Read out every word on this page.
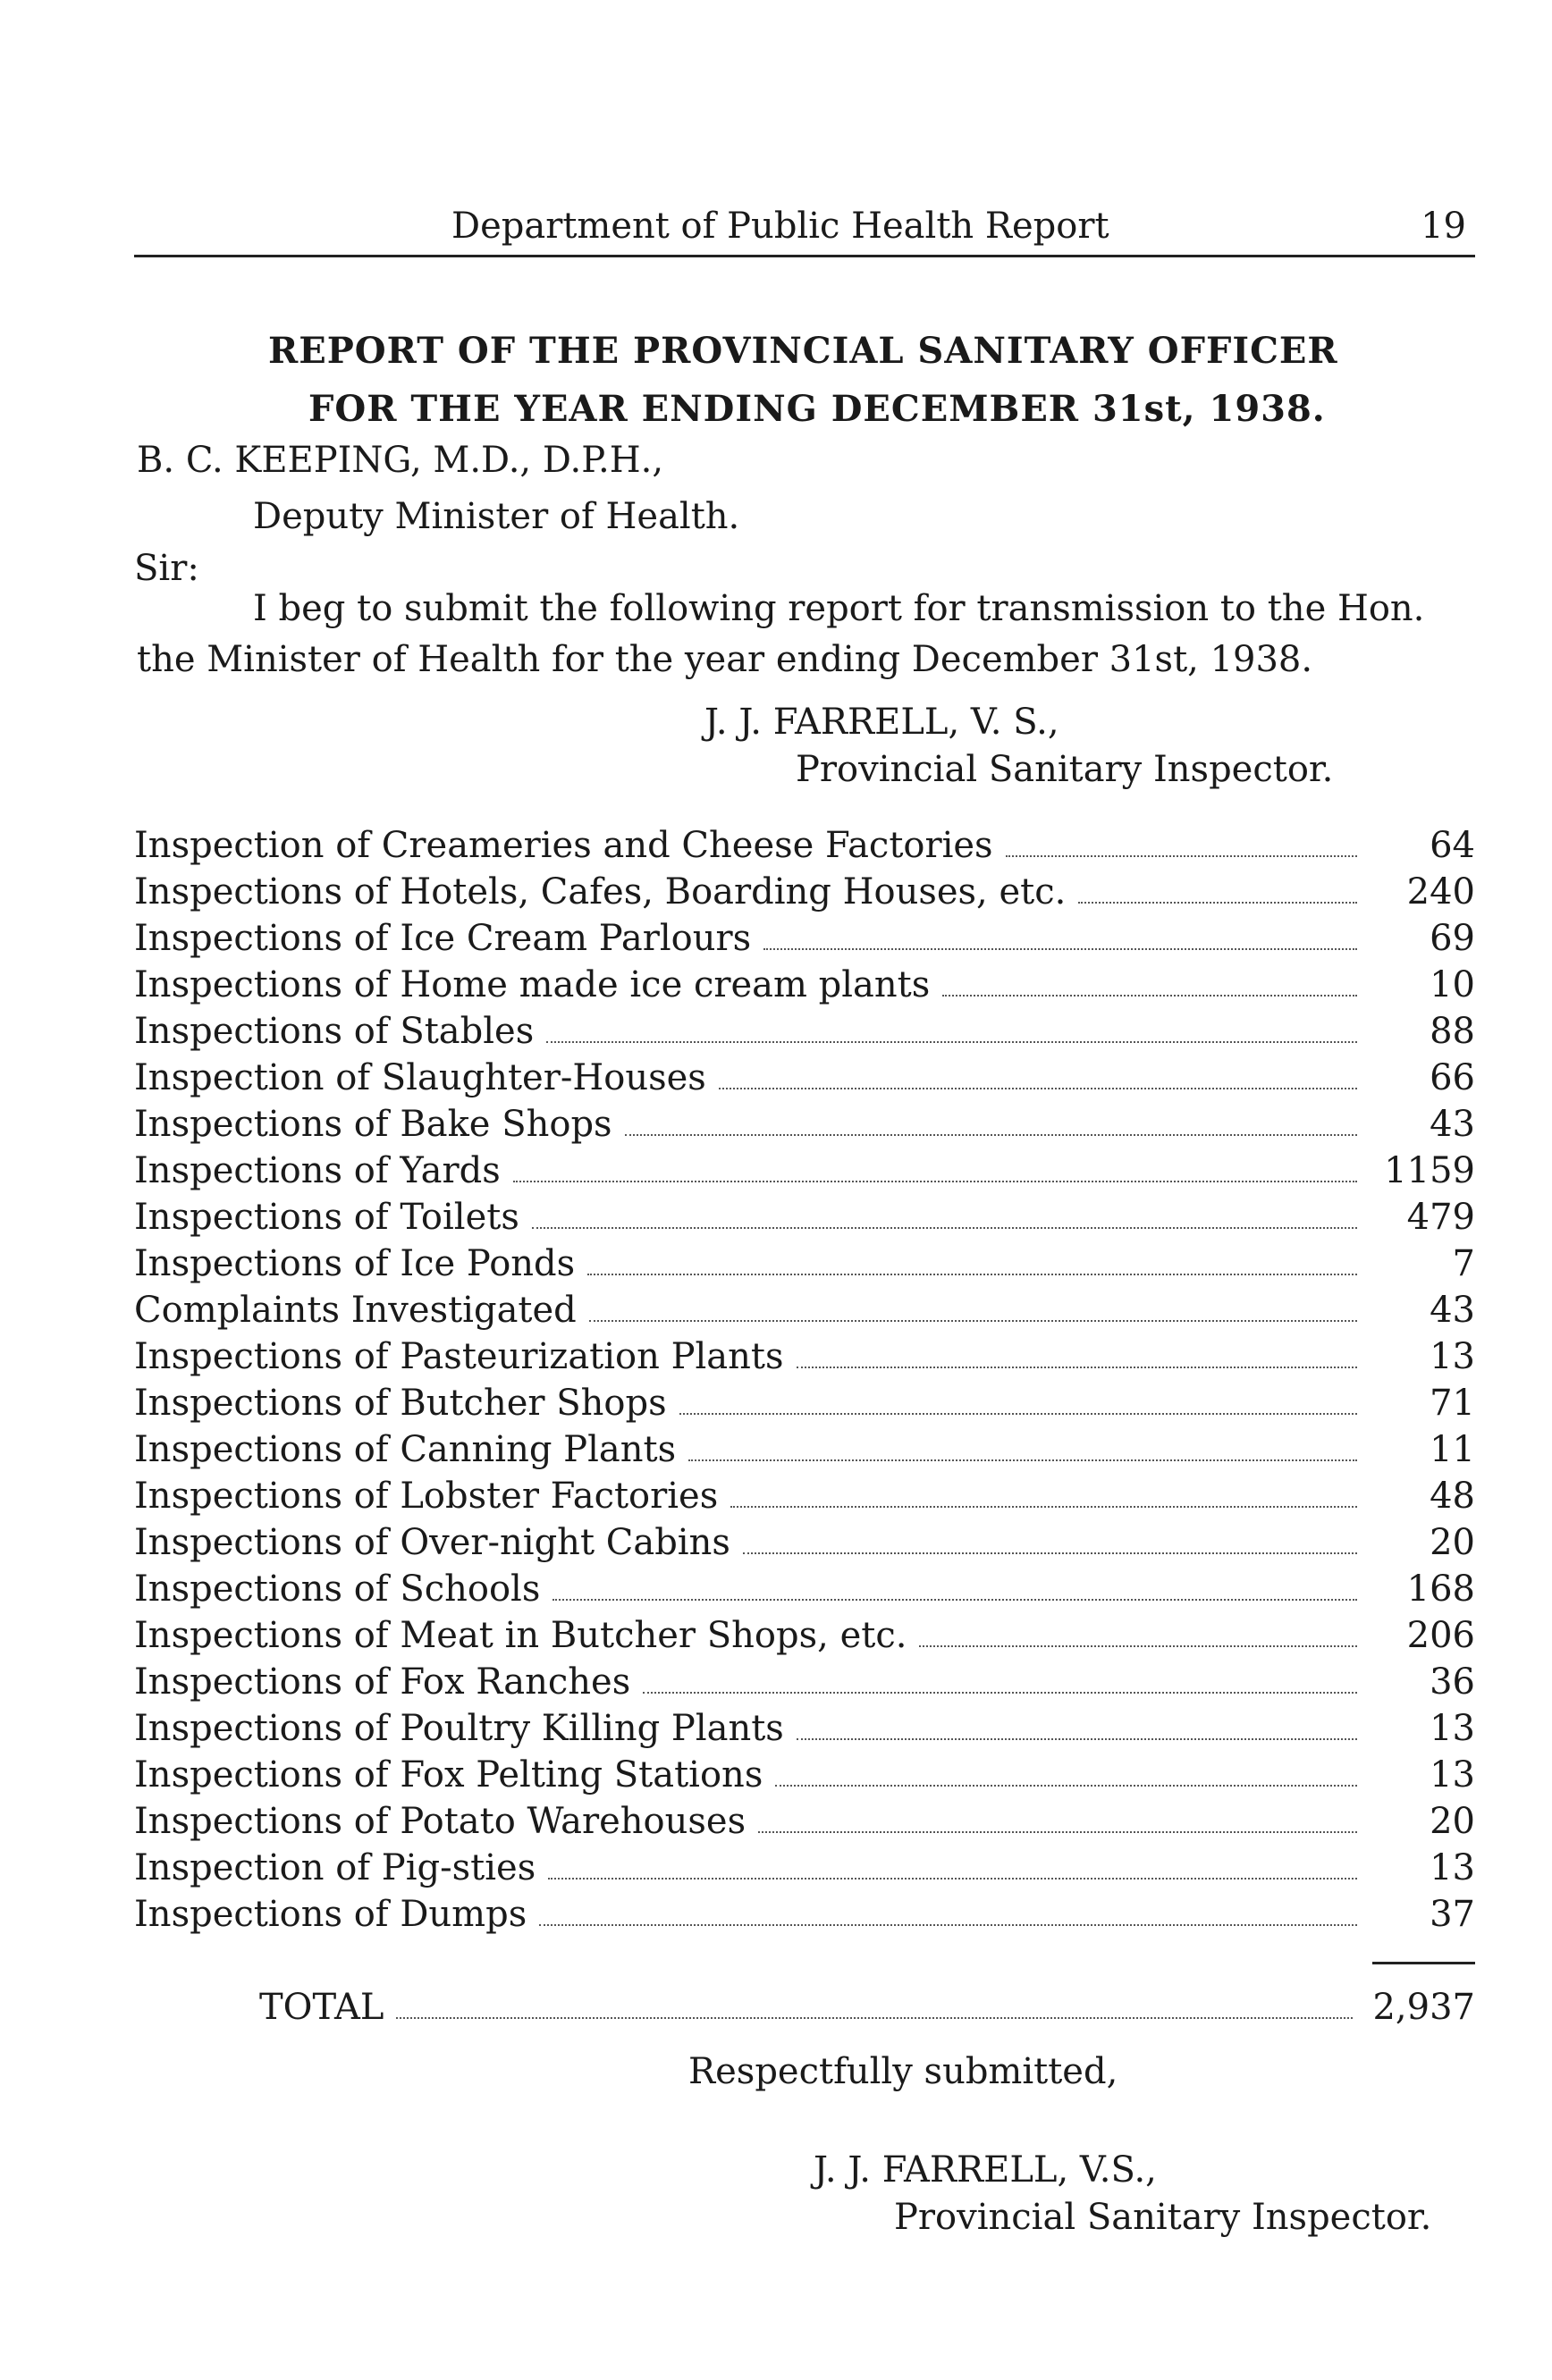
Department of Public Health Report	19
REPORT OF THE PROVINCIAL SANITARY OFFICER
FOR THE YEAR ENDING DECEMBER 31st, 1938.
B. C. KEEPING, M.D., D.P.H.,
Deputy Minister of Health.
Sir:
I beg to submit the following report for transmission to the Hon.
the Minister of Health for the year ending December 31st, 1938.
J. J. FARRELL, V. S.,
Provincial Sanitary Inspector.
Inspection of Creameries and Cheese Factories	64
Inspections of Hotels, Cafes, Boarding Houses, etc.	240
Inspections of Ice Cream Parlours	69
Inspections of Home made ice cream plants	10
Inspections of Stables	88
Inspection of Slaughter-Houses	66
Inspections of Bake Shops	43
Inspections of Yards	1159
Inspections of Toilets	479
Inspections of Ice Ponds	7
Complaints Investigated	43
Inspections of Pasteurization Plants	13
Inspections of Butcher Shops	71
Inspections of Canning Plants	11
Inspections of Lobster Factories	48
Inspections of Over-night Cabins	20
Inspections of Schools	168
Inspections of Meat in Butcher Shops, etc.	206
Inspections of Fox Ranches	36
Inspections of Poultry Killing Plants	13
Inspections of Fox Pelting Stations	13
Inspections of Potato Warehouses	20
Inspection of Pig-sties	13
Inspections of Dumps	37
TOTAL	2,937
Respectfully submitted,
J. J. FARRELL, V.S.,
Provincial Sanitary Inspector.
